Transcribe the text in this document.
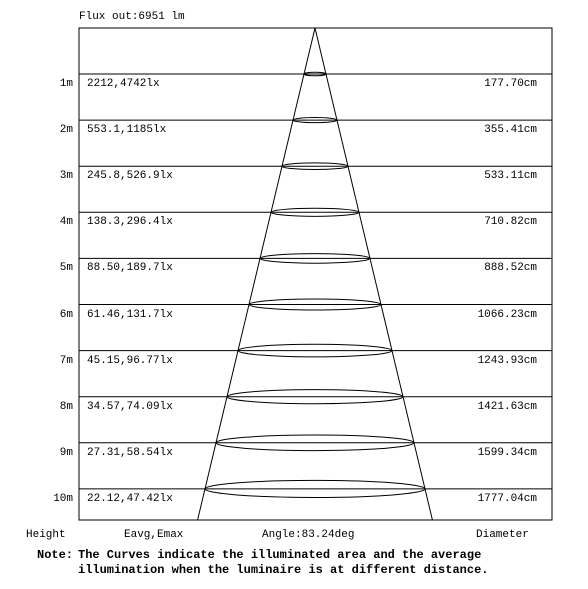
Flux out:6951 lm
1m 2212,4742lx	177.70cm
2m 553.1,1185lx	355.41cm
3m 245.8,526.9lx	533.11cm
4m 138.3,296.4lx	710.82cm
5m 88.50,189.7lx	888.52cm
6m 61.46,131.7lx	1066.23cm
7m 45.15,96.77lx	1243.93cm
8m 34.57,74.09lx	1421.63cm
9m 27.31,58.54lx	1599.34cm
10m 22.12,47.42lx	1777.04cm
Height	Eavg,Emax	Angle:83.24deg	Diameter
Note: The Curves indicate the illuminated area and the average
illumination when the luminaire is at different distance.
